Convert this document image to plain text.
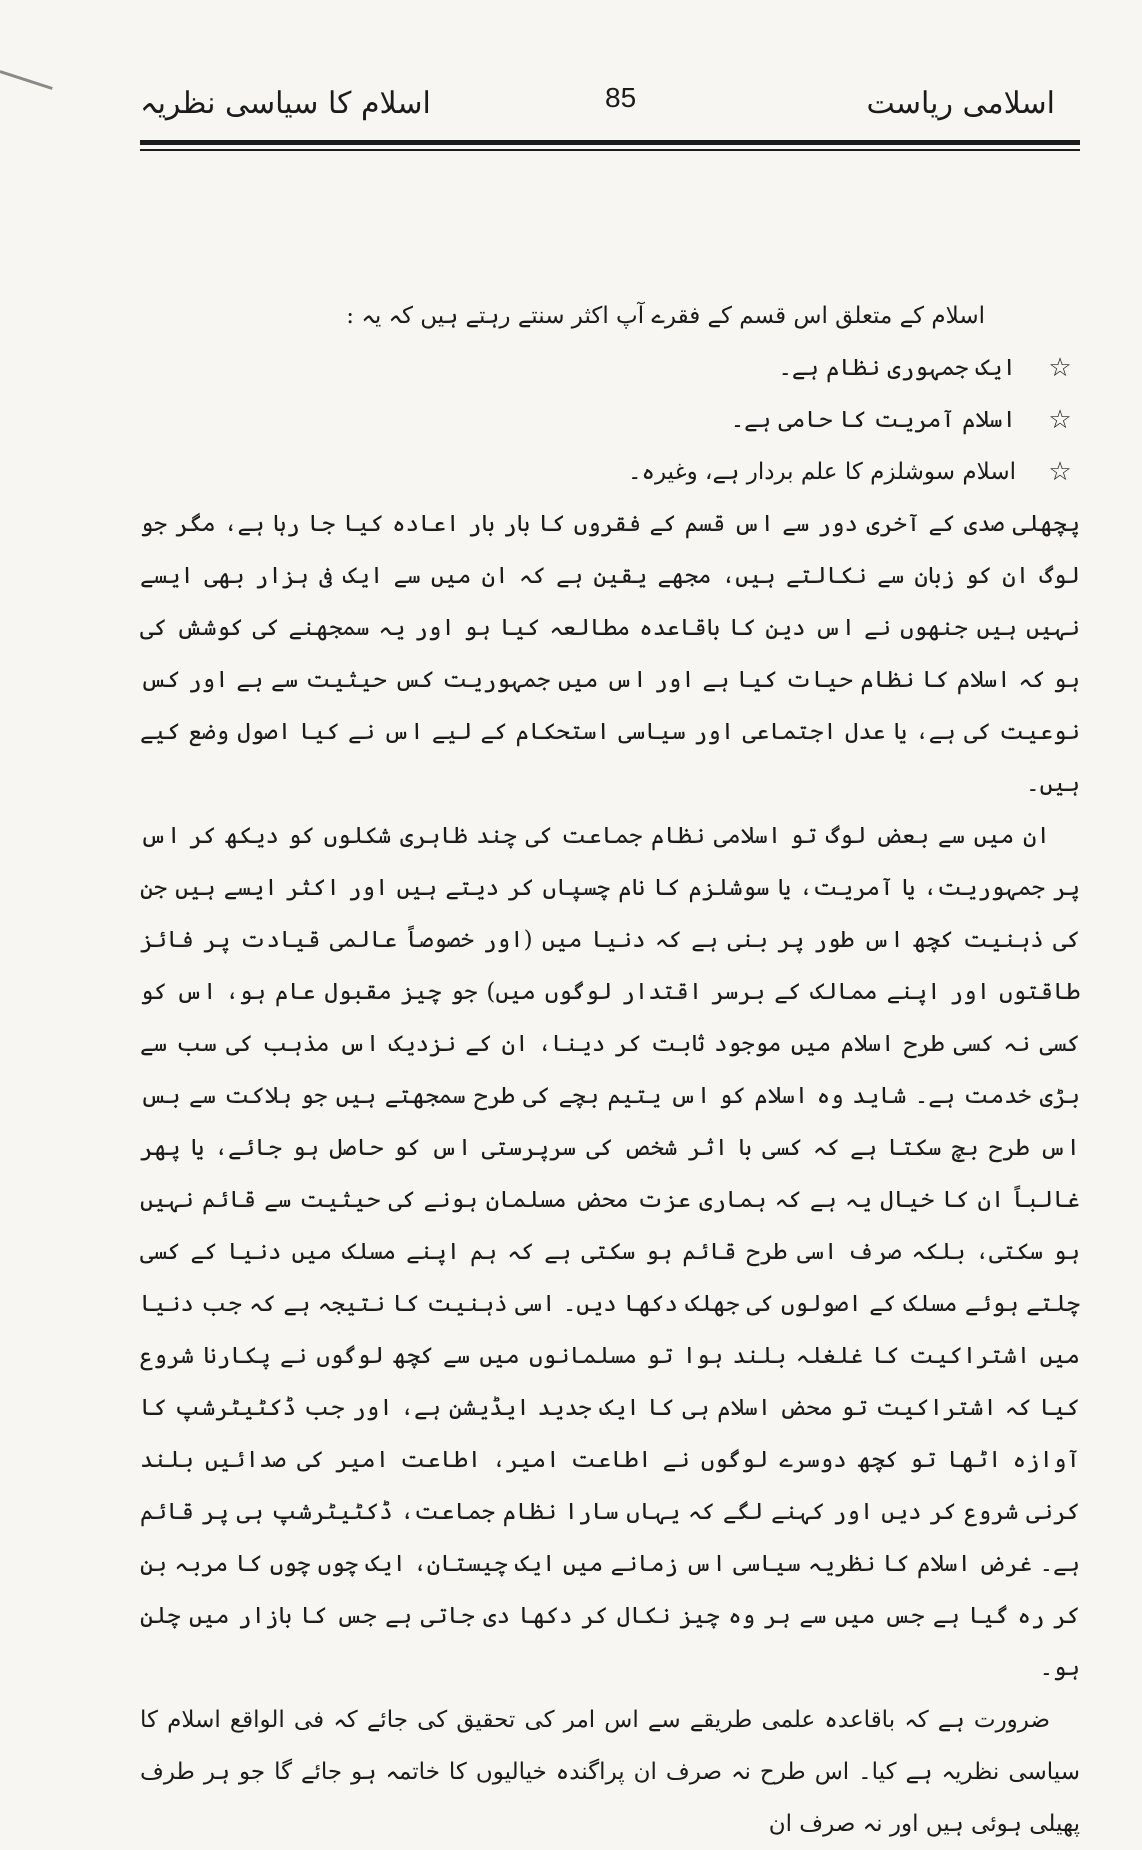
اسلامی ریاست
85
اسلام کا سیاسی نظریہ

اسلام کے متعلق اس قسم کے فقرے آپ اکثر سنتے رہتے ہیں کہ یہ :

☆
ایک جمہوری نظام ہے۔
☆
اسلام آمریت کا حامی ہے۔
☆
اسلام سوشلزم کا علم بردار ہے، وغیرہ۔

پچھلی صدی کے آخری دور سے اس قسم کے فقروں کا بار بار اعادہ کیا جا رہا ہے، مگر جو لوگ ان کو زبان سے نکالتے ہیں، مجھے یقین ہے کہ ان میں سے ایک فی ہزار بھی ایسے نہیں ہیں جنھوں نے اس دین کا باقاعدہ مطالعہ کیا ہو اور یہ سمجھنے کی کوشش کی ہو کہ اسلام کا نظام حیات کیا ہے اور اس میں جمہوریت کس حیثیت سے ہے اور کس نوعیت کی ہے، یا عدل اجتماعی اور سیاسی استحکام کے لیے اس نے کیا اصول وضع کیے ہیں۔

ان میں سے بعض لوگ تو اسلامی نظام جماعت کی چند ظاہری شکلوں کو دیکھ کر اس پر جمہوریت، یا آمریت، یا سوشلزم کا نام چسپاں کر دیتے ہیں اور اکثر ایسے ہیں جن کی ذہنیت کچھ اس طور پر بنی ہے کہ دنیا میں (اور خصوصاً عالمی قیادت پر فائز طاقتوں اور اپنے ممالک کے برسر اقتدار لوگوں میں) جو چیز مقبول عام ہو، اس کو کسی نہ کسی طرح اسلام میں موجود ثابت کر دینا، ان کے نزدیک اس مذہب کی سب سے بڑی خدمت ہے۔ شاید وہ اسلام کو اس یتیم بچے کی طرح سمجھتے ہیں جو ہلاکت سے بس اس طرح بچ سکتا ہے کہ کسی با اثر شخص کی سرپرستی اس کو حاصل ہو جائے، یا پھر غالباً ان کا خیال یہ ہے کہ ہماری عزت محض مسلمان ہونے کی حیثیت سے قائم نہیں ہو سکتی، بلکہ صرف اسی طرح قائم ہو سکتی ہے کہ ہم اپنے مسلک میں دنیا کے کسی چلتے ہوئے مسلک کے اصولوں کی جھلک دکھا دیں۔ اسی ذہنیت کا نتیجہ ہے کہ جب دنیا میں اشتراکیت کا غلغلہ بلند ہوا تو مسلمانوں میں سے کچھ لوگوں نے پکارنا شروع کیا کہ اشتراکیت تو محض اسلام ہی کا ایک جدید ایڈیشن ہے، اور جب ڈکٹیٹرشپ کا آوازہ اٹھا تو کچھ دوسرے لوگوں نے اطاعت امیر، اطاعت امیر کی صدائیں بلند کرنی شروع کر دیں اور کہنے لگے کہ یہاں سارا نظام جماعت، ڈکٹیٹرشپ ہی پر قائم ہے۔ غرض اسلام کا نظریہ سیاسی اس زمانے میں ایک چیستان، ایک چوں چوں کا مربہ بن کر رہ گیا ہے جس میں سے ہر وہ چیز نکال کر دکھا دی جاتی ہے جس کا بازار میں چلن ہو۔

ضرورت ہے کہ باقاعدہ علمی طریقے سے اس امر کی تحقیق کی جائے کہ فی الواقع اسلام کا سیاسی نظریہ ہے کیا۔ اس طرح نہ صرف ان پراگندہ خیالیوں کا خاتمہ ہو جائے گا جو ہر طرف پھیلی ہوئی ہیں اور نہ صرف ان
